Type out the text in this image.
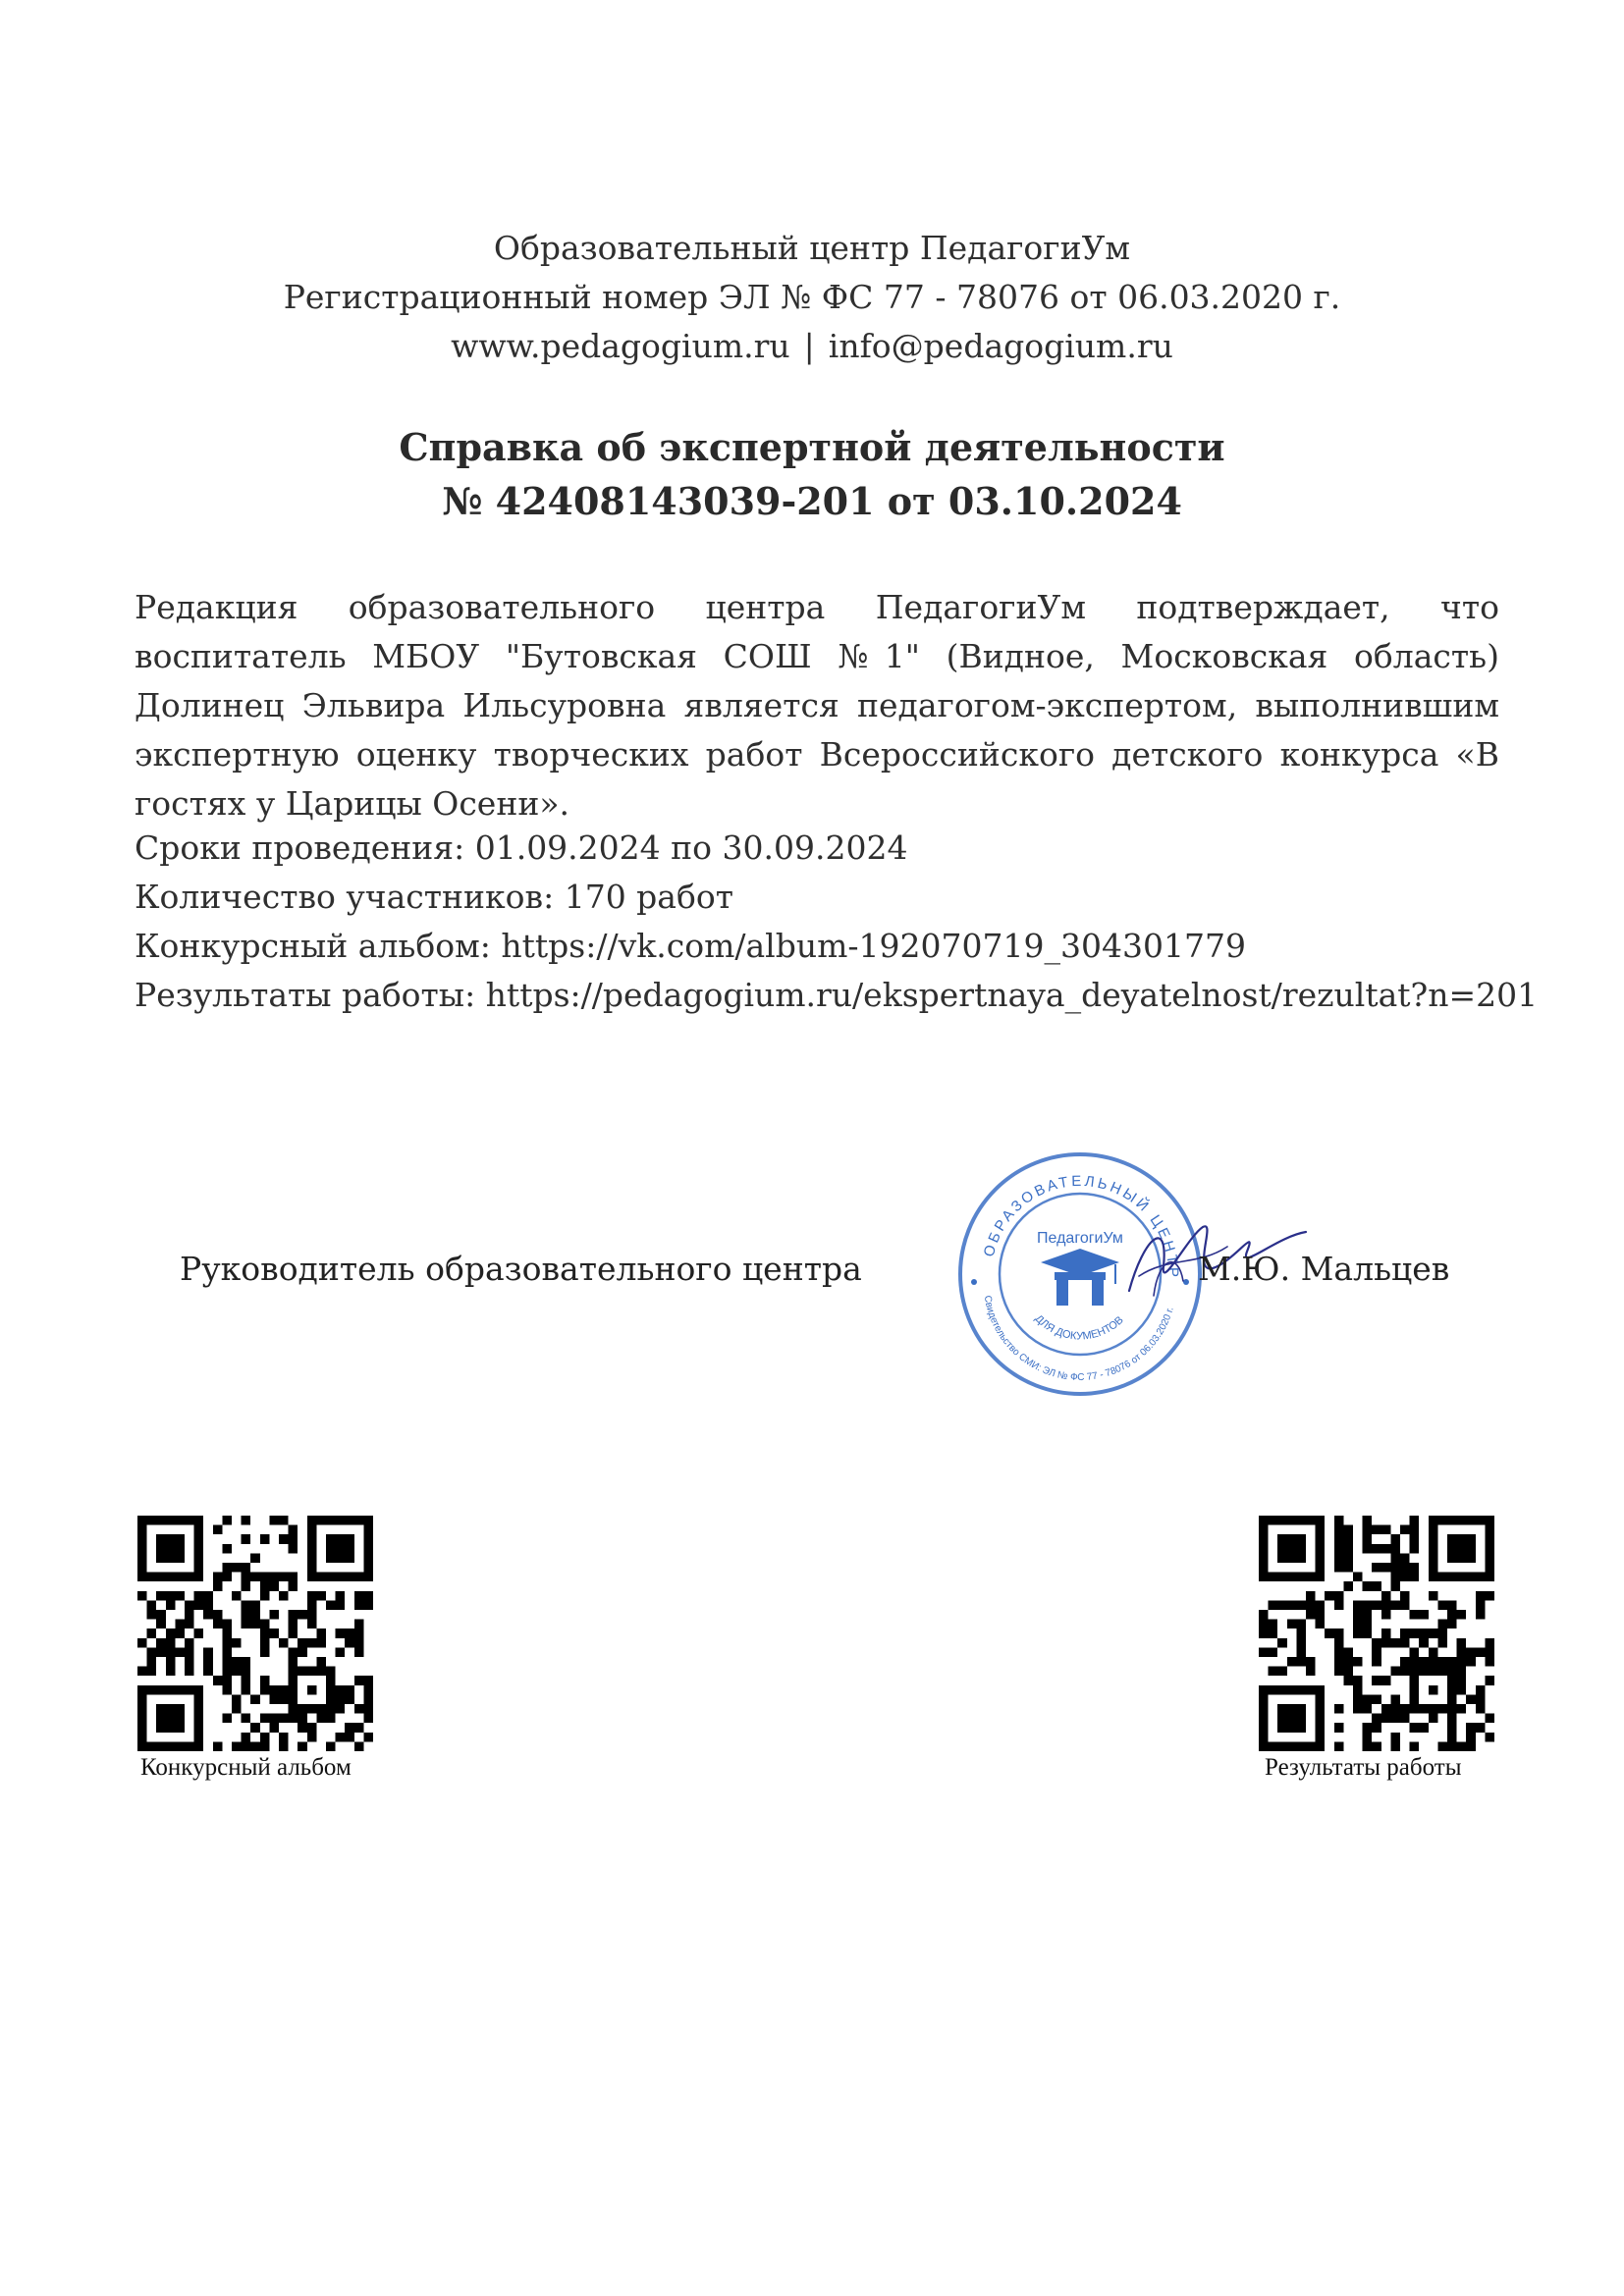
Образовательный центр ПедагогиУм
Регистрационный номер ЭЛ № ФС 77 - 78076 от 06.03.2020 г.
www.pedagogium.ru | info@pedagogium.ru
Справка об экспертной деятельности
№ 42408143039-201 от 03.10.2024
Редакция образовательного центра ПедагогиУм подтверждает, что воспитатель МБОУ "Бутовская СОШ №1" (Видное, Московская область) Долинец Эльвира Ильсуровна является педагогом-экспертом, выполнившим экспертную оценку творческих работ Всероссийского детского конкурса «В гостях у Царицы Осени».
Сроки проведения: 01.09.2024 по 30.09.2024
Количество участников: 170 работ
Конкурсный альбом: https://vk.com/album-192070719_304301779
Результаты работы: https://pedagogium.ru/ekspertnaya_deyatelnost/rezultat?n=201
ОБРАЗОВАТЕЛЬНЫЙ ЦЕНТР
Свидетельство СМИ: ЭЛ № ФС 77 - 78076 от 06.03.2020 г.
ПедагогиУм
ДЛЯ ДОКУМЕНТОВ
Руководитель образовательного центра	М.Ю. Мальцев
Конкурсный альбом	Результаты работы
